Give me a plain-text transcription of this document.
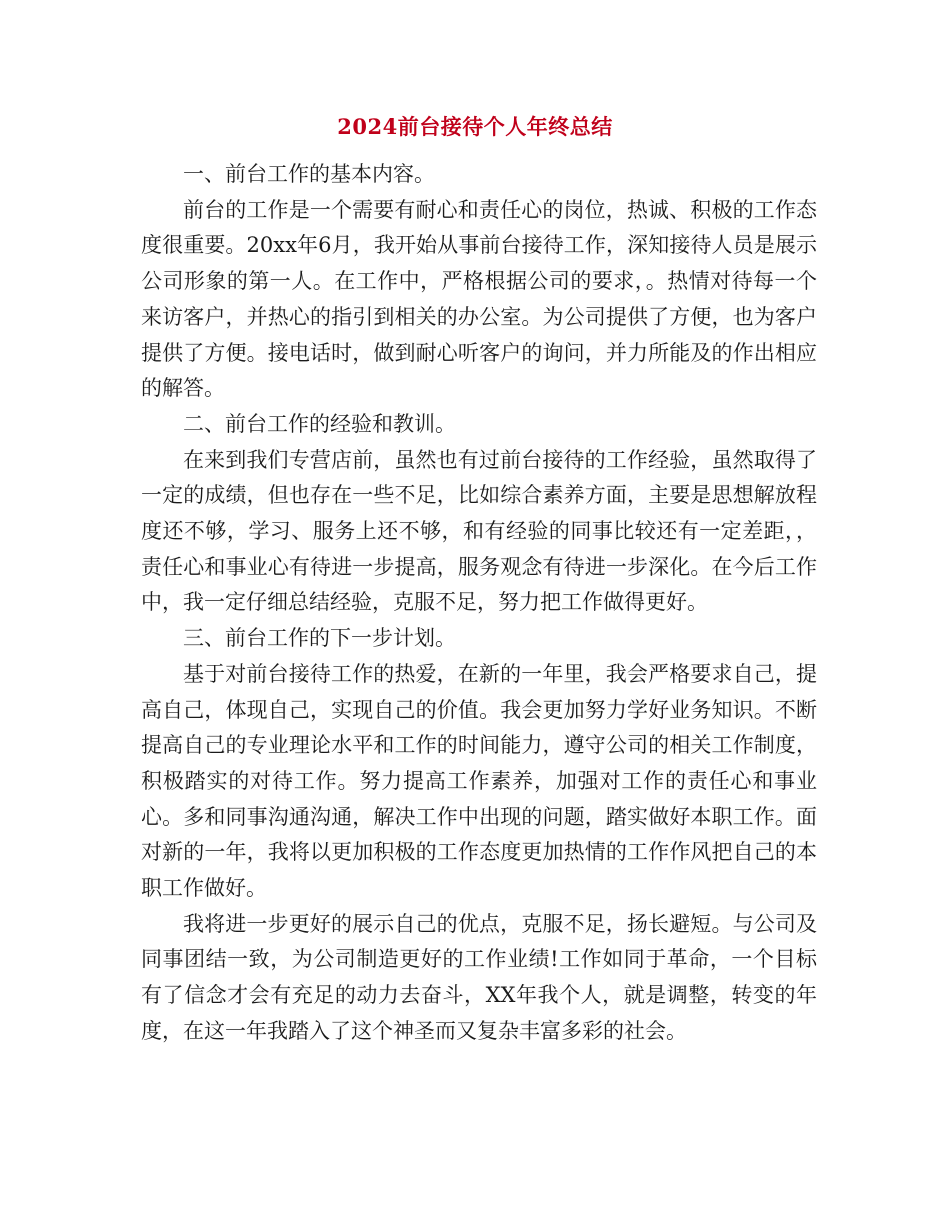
2024前台接待个人年终总结

一、前台工作的基本内容。

前台的工作是一个需要有耐心和责任心的岗位，热诚、积极的工作态度很重要。20xx年6月，我开始从事前台接待工作，深知接待人员是展示公司形象的第一人。在工作中，严格根据公司的要求，。热情对待每一个来访客户，并热心的指引到相关的办公室。为公司提供了方便，也为客户提供了方便。接电话时，做到耐心听客户的询问，并力所能及的作出相应的解答。

二、前台工作的经验和教训。

在来到我们专营店前，虽然也有过前台接待的工作经验，虽然取得了一定的成绩，但也存在一些不足，比如综合素养方面，主要是思想解放程度还不够，学习、服务上还不够，和有经验的同事比较还有一定差距，，责任心和事业心有待进一步提高，服务观念有待进一步深化。在今后工作中，我一定仔细总结经验，克服不足，努力把工作做得更好。

三、前台工作的下一步计划。

基于对前台接待工作的热爱，在新的一年里，我会严格要求自己，提高自己，体现自己，实现自己的价值。我会更加努力学好业务知识。不断提高自己的专业理论水平和工作的时间能力，遵守公司的相关工作制度，积极踏实的对待工作。努力提高工作素养，加强对工作的责任心和事业心。多和同事沟通沟通，解决工作中出现的问题，踏实做好本职工作。面对新的一年，我将以更加积极的工作态度更加热情的工作作风把自己的本职工作做好。

我将进一步更好的展示自己的优点，克服不足，扬长避短。与公司及同事团结一致，为公司制造更好的工作业绩!工作如同于革命，一个目标有了信念才会有充足的动力去奋斗，XX年我个人，就是调整，转变的年度，在这一年我踏入了这个神圣而又复杂丰富多彩的社会。
